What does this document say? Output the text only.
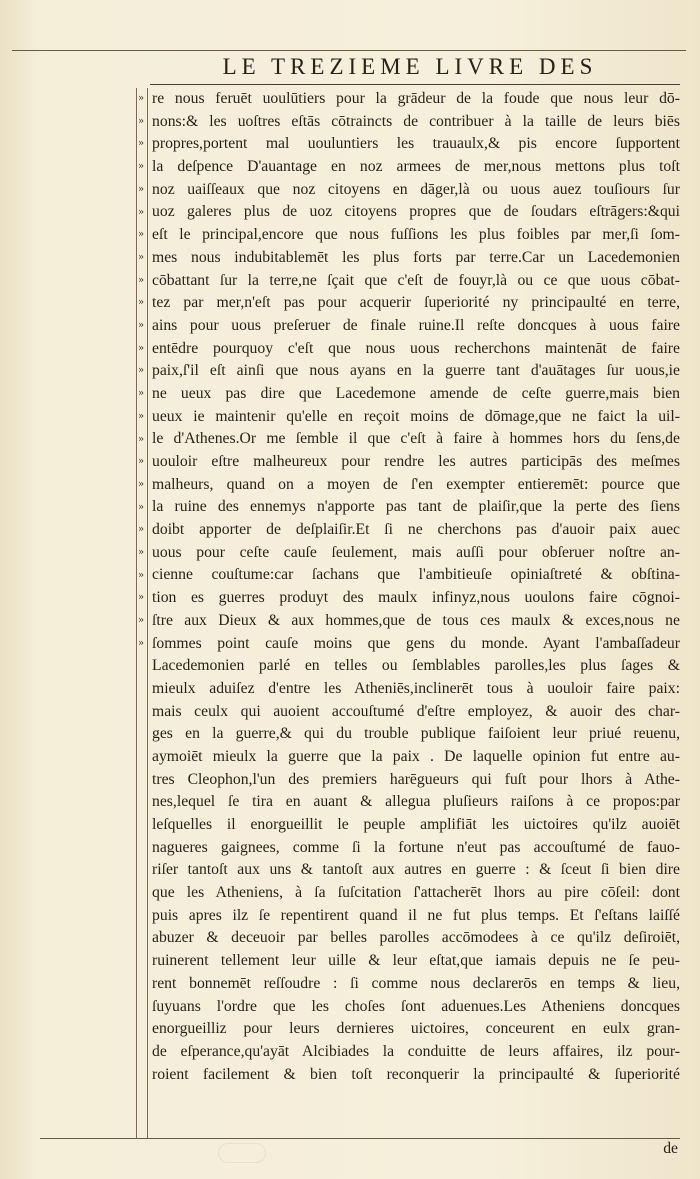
LE TREZIEME LIVRE DES
»
»
»
»
»
»
»
»
»
»
»
»
»
»
»
»
»
»
»
»
»
»
»
»
»
re nous feruēt uoulūtiers pour la grādeur de la foude que nous leur dō-
nons:& les uoſtres eſtās cōtraincts de contribuer à la taille de leurs biēs
propres,portent mal uouluntiers les trauaulx,& pis encore ſupportent
la deſpence D'auantage en noz armees de mer,nous mettons plus toſt
noz uaiſſeaux que noz citoyens en dāger,là ou uous auez touſiours ſur
uoz galeres plus de uoz citoyens propres que de ſoudars eſtrāgers:&qui
eſt le principal,encore que nous fuſſions les plus foibles par mer,ſi ſom-
mes nous indubitablemēt les plus forts par terre.Car un Lacedemonien
cōbattant ſur la terre,ne ſçait que c'eſt de fouyr,là ou ce que uous cōbat-
tez par mer,n'eſt pas pour acquerir ſuperiorité ny principaulté en terre,
ains pour uous preſeruer de finale ruine.Il reſte doncques à uous faire
entēdre pourquoy c'eſt que nous uous recherchons maintenāt de faire
paix,ſ'il eſt ainſi que nous ayans en la guerre tant d'auātages ſur uous,ie
ne ueux pas dire que Lacedemone amende de ceſte guerre,mais bien
ueux ie maintenir qu'elle en reçoit moins de dōmage,que ne faict la uil-
le d'Athenes.Or me ſemble il que c'eſt à faire à hommes hors du ſens,de
uouloir eſtre malheureux pour rendre les autres participās des meſmes
malheurs, quand on a moyen de ſ'en exempter entieremēt: pource que
la ruine des ennemys n'apporte pas tant de plaiſir,que la perte des ſiens
doibt apporter de deſplaiſir.Et ſi ne cherchons pas d'auoir paix auec
uous pour ceſte cauſe ſeulement, mais auſſi pour obſeruer noſtre an-
cienne couſtume:car ſachans que l'ambitieuſe opiniaſtreté & obſtina-
tion es guerres produyt des maulx infinyz,nous uoulons faire cōgnoi-
ſtre aux Dieux & aux hommes,que de tous ces maulx & exces,nous ne
ſommes point cauſe moins que gens du monde. Ayant l'ambaſſadeur
Lacedemonien parlé en telles ou ſemblables parolles,les plus ſages &
mieulx aduiſez d'entre les Atheniēs,inclinerēt tous à uouloir faire paix:
mais ceulx qui auoient accouſtumé d'eſtre employez, & auoir des char-
ges en la guerre,& qui du trouble publique faiſoient leur priué reuenu,
aymoiēt mieulx la guerre que la paix . De laquelle opinion fut entre au-
tres Cleophon,l'un des premiers harēgueurs qui fuſt pour lhors à Athe-
nes,lequel ſe tira en auant & allegua pluſieurs raiſons à ce propos:par
leſquelles il enorgueillit le peuple amplifiāt les uictoires qu'ilz auoiēt
nagueres gaignees, comme ſi la fortune n'eut pas accouſtumé de fauo-
riſer tantoſt aux uns & tantoſt aux autres en guerre : & ſceut ſi bien dire
que les Atheniens, à ſa ſuſcitation ſ'attacherēt lhors au pire cōſeil: dont
puis apres ilz ſe repentirent quand il ne fut plus temps. Et ſ'eſtans laiſſé
abuzer & deceuoir par belles parolles accōmodees à ce qu'ilz deſiroiēt,
ruinerent tellement leur uille & leur eſtat,que iamais depuis ne ſe peu-
rent bonnemēt reſſoudre : ſi comme nous declarerōs en temps & lieu,
ſuyuans l'ordre que les choſes ſont aduenues.Les Atheniens doncques
enorgueilliz pour leurs dernieres uictoires, conceurent en eulx gran-
de eſperance,qu'ayāt Alcibiades la conduitte de leurs affaires, ilz pour-
roient facilement & bien toſt reconquerir la principaulté & ſuperiorité
de
